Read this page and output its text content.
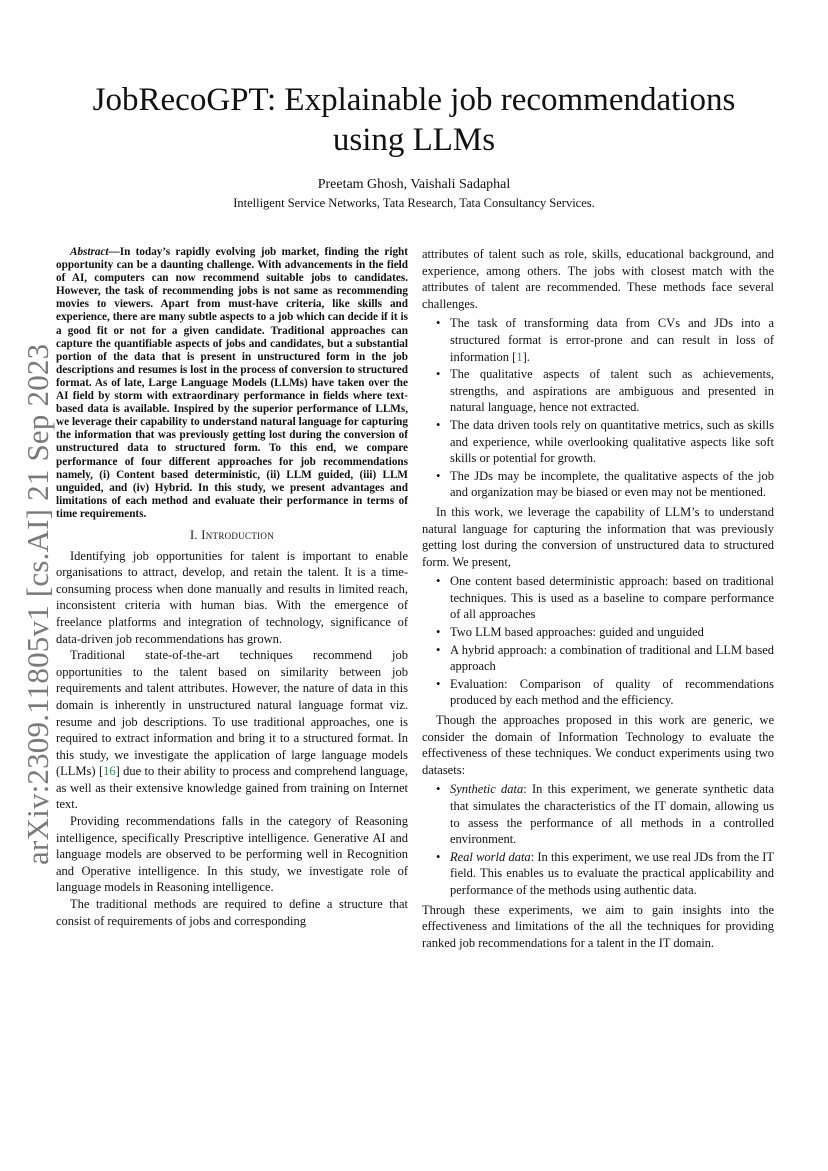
arXiv:2309.11805v1 [cs.AI] 21 Sep 2023
JobRecoGPT: Explainable job recommendations
using LLMs
Preetam Ghosh, Vaishali Sadaphal
Intelligent Service Networks, Tata Research, Tata Consultancy Services.

Abstract—In today’s rapidly evolving job market, finding the right opportunity can be a daunting challenge. With advancements in the field of AI, computers can now recommend suitable jobs to candidates. However, the task of recommending jobs is not same as recommending movies to viewers. Apart from must-have criteria, like skills and experience, there are many subtle aspects to a job which can decide if it is a good fit or not for a given candidate. Traditional approaches can capture the quantifiable aspects of jobs and candidates, but a substantial portion of the data that is present in unstructured form in the job descriptions and resumes is lost in the process of conversion to structured format. As of late, Large Language Models (LLMs) have taken over the AI field by storm with extraordinary performance in fields where text-based data is available. Inspired by the superior performance of LLMs, we leverage their capability to understand natural language for capturing the information that was previously getting lost during the conversion of unstructured data to structured form. To this end, we compare performance of four different approaches for job recommendations namely, (i) Content based deterministic, (ii) LLM guided, (iii) LLM unguided, and (iv) Hybrid. In this study, we present advantages and limitations of each method and evaluate their performance in terms of time requirements.

I. Introduction

Identifying job opportunities for talent is important to enable organisations to attract, develop, and retain the talent. It is a time-consuming process when done manually and results in limited reach, inconsistent criteria with human bias. With the emergence of freelance platforms and integration of technology, significance of data-driven job recommendations has grown.

Traditional state-of-the-art techniques recommend job opportunities to the talent based on similarity between job requirements and talent attributes. However, the nature of data in this domain is inherently in unstructured natural language format viz. resume and job descriptions. To use traditional approaches, one is required to extract information and bring it to a structured format. In this study, we investigate the application of large language models (LLMs) [16] due to their ability to process and comprehend language, as well as their extensive knowledge gained from training on Internet text.

Providing recommendations falls in the category of Reasoning intelligence, specifically Prescriptive intelligence. Generative AI and language models are observed to be performing well in Recognition and Operative intelligence. In this study, we investigate role of language models in Reasoning intelligence.

The traditional methods are required to define a structure that consist of requirements of jobs and corresponding

attributes of talent such as role, skills, educational background, and experience, among others. The jobs with closest match with the attributes of talent are recommended. These methods face several challenges.

• The task of transforming data from CVs and JDs into a structured format is error-prone and can result in loss of information [1].
• The qualitative aspects of talent such as achievements, strengths, and aspirations are ambiguous and presented in natural language, hence not extracted.
• The data driven tools rely on quantitative metrics, such as skills and experience, while overlooking qualitative aspects like soft skills or potential for growth.
• The JDs may be incomplete, the qualitative aspects of the job and organization may be biased or even may not be mentioned.

In this work, we leverage the capability of LLM’s to understand natural language for capturing the information that was previously getting lost during the conversion of unstructured data to structured form. We present,

• One content based deterministic approach: based on traditional techniques. This is used as a baseline to compare performance of all approaches
• Two LLM based approaches: guided and unguided
• A hybrid approach: a combination of traditional and LLM based approach
• Evaluation: Comparison of quality of recommendations produced by each method and the efficiency.

Though the approaches proposed in this work are generic, we consider the domain of Information Technology to evaluate the effectiveness of these techniques. We conduct experiments using two datasets:

• Synthetic data: In this experiment, we generate synthetic data that simulates the characteristics of the IT domain, allowing us to assess the performance of all methods in a controlled environment.
• Real world data: In this experiment, we use real JDs from the IT field. This enables us to evaluate the practical applicability and performance of the methods using authentic data.

Through these experiments, we aim to gain insights into the effectiveness and limitations of the all the techniques for providing ranked job recommendations for a talent in the IT domain.
